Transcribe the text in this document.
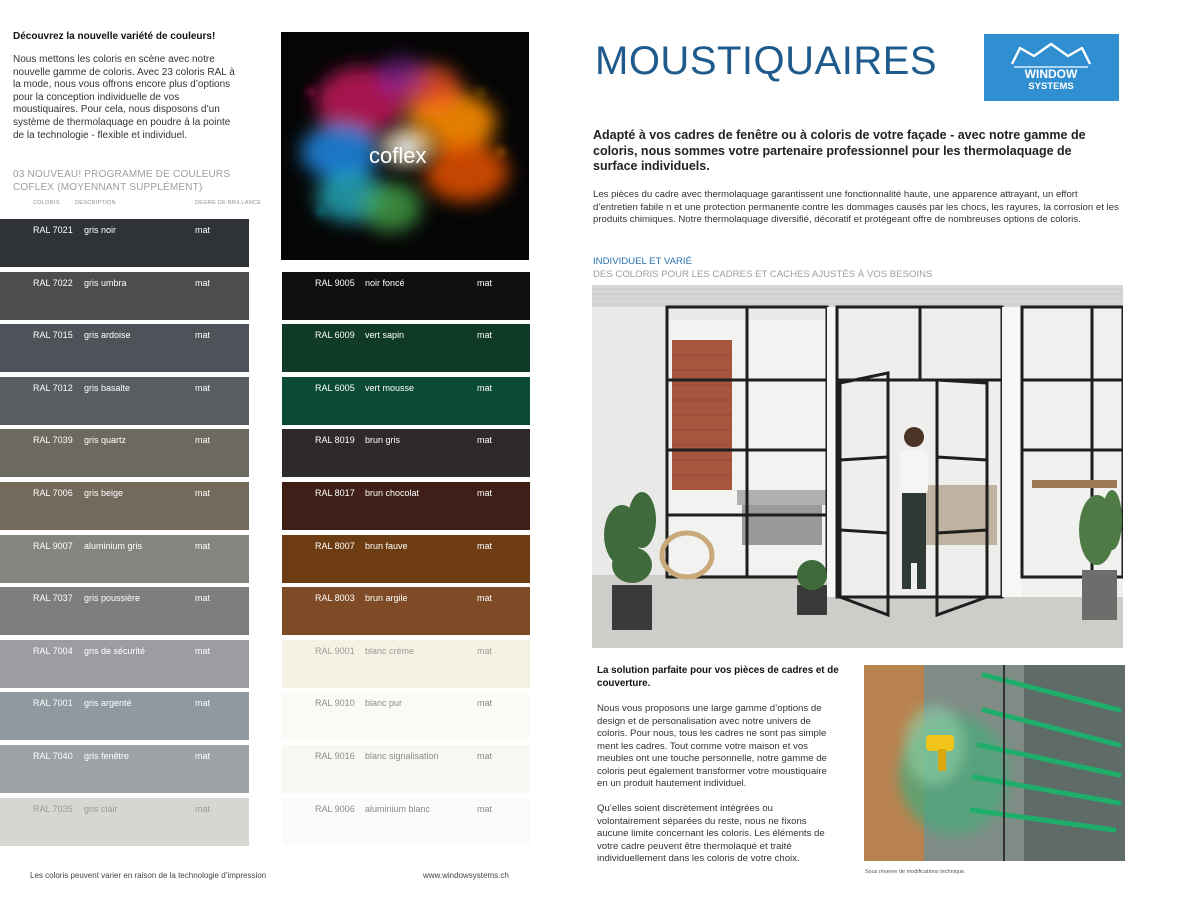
Découvrez la nouvelle variété de couleurs!
Nous mettons les coloris en scène avec notre
nouvelle gamme de coloris. Avec 23 coloris RAL à
la mode, nous vous offrons encore plus d’options
pour la conception individuelle de vos
moustiquaires. Pour cela, nous disposons d’un
système de thermolaquage en poudre à la pointe
de la technologie - flexible et individuel.
03 NOUVEAU! PROGRAMME DE COULEURS
COFLEX (MOYENNANT SUPPLÉMENT)
COLORIS	DESCRIPTION	DEGRÉ DE BRILLANCE
RAL 7021 gris noir	mat
RAL 7022 gris umbra	mat
RAL 7015 gris ardoise	mat
RAL 7012 gris basalte	mat
RAL 7039 gris quartz	mat
RAL 7006 gris beige	mat
RAL 9007 aluminium gris	mat
RAL 7037 gris poussière	mat
RAL 7004 gris de sécurité	mat
RAL 7001 gris argenté	mat
RAL 7040 gris fenêtre	mat
RAL 7035 gris clair	mat
RAL 9005 noir foncé	mat
RAL 6009 vert sapin	mat
RAL 6005 vert mousse	mat
RAL 8019 brun gris	mat
RAL 8017 brun chocolat	mat
RAL 8007 brun fauve	mat
RAL 8003 brun argile	mat
RAL 9001 blanc crème	mat
RAL 9010 blanc pur	mat
RAL 9016 blanc signalisation	mat
RAL 9006 aluminium blanc	mat
coflex
Les coloris peuvent varier en raison de la technologie d’impression	www.windowsystems.ch
MOUSTIQUAIRES	WINDOW
SYSTEMS
Adapté à vos cadres de fenêtre ou à coloris de votre façade - avec notre gamme de coloris, nous sommes votre partenaire professionnel pour les thermolaquage de surface individuels.
Les pièces du cadre avec thermolaquage garantissent une fonctionnalité haute, une apparence attrayant, un effort d’entretien fabile n et une protection permanente contre les dommages causés par les chocs, les rayures, la corrosion et les produits chimiques. Notre thermolaquage diversifié, décoratif et protégeant offre de nombreuses options de coloris.
INDIVIDUEL ET VARIÉ
DES COLORIS POUR LES CADRES ET CACHES AJUSTÉS À VOS BESOINS
La solution parfaite pour vos pièces de cadres et de couverture.
Nous vous proposons une large gamme d’options de
design et de personalisation avec notre univers de
coloris. Pour nous, tous les cadres ne sont pas simple
ment les cadres. Tout comme votre maison et vos
meubles ont une touche personnelle, notre gamme de
coloris peut également transformer votre moustiquaire
en un produit hautement individuel.
Qu’elles soient discrètement intégrées ou
volontairement séparées du reste, nous ne fixons
aucune limite concernant les coloris. Les éléments de
votre cadre peuvent être thermolaqué et traité
individuellement dans les coloris de votre choix.
Sous réserve de modifications technique.
